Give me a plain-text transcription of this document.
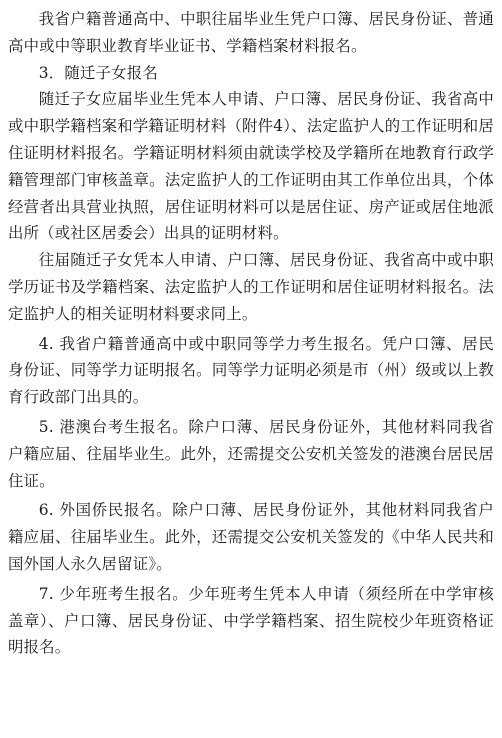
我省户籍普通高中、中职往届毕业生凭户口簿、居民身份证、普通高中或中等职业教育毕业证书、学籍档案材料报名。

3．随迁子女报名

随迁子女应届毕业生凭本人申请、户口簿、居民身份证、我省高中或中职学籍档案和学籍证明材料（附件4）、法定监护人的工作证明和居住证明材料报名。学籍证明材料须由就读学校及学籍所在地教育行政学籍管理部门审核盖章。法定监护人的工作证明由其工作单位出具，个体经营者出具营业执照，居住证明材料可以是居住证、房产证或居住地派出所（或社区居委会）出具的证明材料。

往届随迁子女凭本人申请、户口簿、居民身份证、我省高中或中职学历证书及学籍档案、法定监护人的工作证明和居住证明材料报名。法定监护人的相关证明材料要求同上。

4. 我省户籍普通高中或中职同等学力考生报名。凭户口簿、居民身份证、同等学力证明报名。同等学力证明必须是市（州）级或以上教育行政部门出具的。

5. 港澳台考生报名。除户口薄、居民身份证外，其他材料同我省户籍应届、往届毕业生。此外，还需提交公安机关签发的港澳台居民居住证。

6. 外国侨民报名。除户口薄、居民身份证外，其他材料同我省户籍应届、往届毕业生。此外，还需提交公安机关签发的《中华人民共和国外国人永久居留证》。

7. 少年班考生报名。少年班考生凭本人申请（须经所在中学审核盖章）、户口簿、居民身份证、中学学籍档案、招生院校少年班资格证明报名。
